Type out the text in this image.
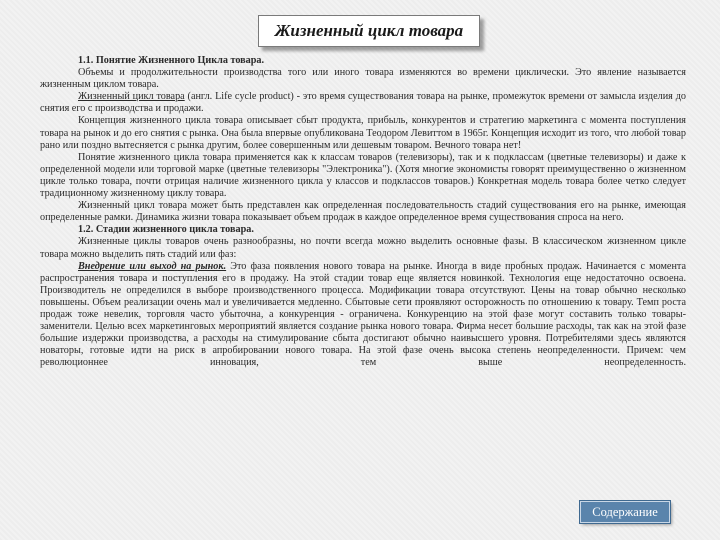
Жизненный цикл товара

1.1. Понятие Жизненного Цикла товара.

Объемы и продолжительности производства того или иного товара изменяются во времени циклически. Это явление называется жизненным циклом товара.

Жизненный цикл товара (англ. Life cycle product) - это время существования товара на рынке, промежуток времени от замысла изделия до снятия его с производства и продажи.

Концепция жизненного цикла товара описывает сбыт продукта, прибыль, конкурентов и стратегию маркетинга с момента поступления товара на рынок и до его снятия с рынка. Она была впервые опубликована Теодором Левиттом в 1965г. Концепция исходит из того, что любой товар рано или поздно вытесняется с рынка другим, более совершенным или дешевым товаром. Вечного товара нет!

Понятие жизненного цикла товара применяется как к классам товаров (телевизоры), так и к подклассам (цветные телевизоры) и даже к определенной модели или торговой марке (цветные телевизоры "Электроника"). (Хотя многие экономисты говорят преимущественно о жизненном цикле только товара, почти отрицая наличие жизненного цикла у классов и подклассов товаров.) Конкретная модель товара более четко следует традиционному жизненному циклу товара.

Жизненный цикл товара может быть представлен как определенная последовательность стадий существования его на рынке, имеющая определенные рамки. Динамика жизни товара показывает объем продаж в каждое определенное время существования спроса на него.

1.2. Стадии жизненного цикла товара.

Жизненные циклы товаров очень разнообразны, но почти всегда можно выделить основные фазы. В классическом жизненном цикле товара можно выделить пять стадий или фаз:

Внедрение или выход на рынок. Это фаза появления нового товара на рынке. Иногда в виде пробных продаж. Начинается с момента распространения товара и поступления его в продажу. На этой стадии товар еще является новинкой. Технология еще недостаточно освоена. Производитель не определился в выборе производственного процесса. Модификации товара отсутствуют. Цены на товар обычно несколько повышены. Объем реализации очень мал и увеличивается медленно. Сбытовые сети проявляют осторожность по отношению к товару. Темп роста продаж тоже невелик, торговля часто убыточна, а конкуренция - ограничена. Конкуренцию на этой фазе могут составить только товары-заменители. Целью всех маркетинговых мероприятий является создание рынка нового товара. Фирма несет большие расходы, так как на этой фазе большие издержки производства, а расходы на стимулирование сбыта достигают обычно наивысшего уровня. Потребителями здесь являются новаторы, готовые идти на риск в апробировании нового товара. На этой фазе очень высока степень неопределенности. Причем: чем революционнее инновация, тем выше неопределенность.

Содержание
